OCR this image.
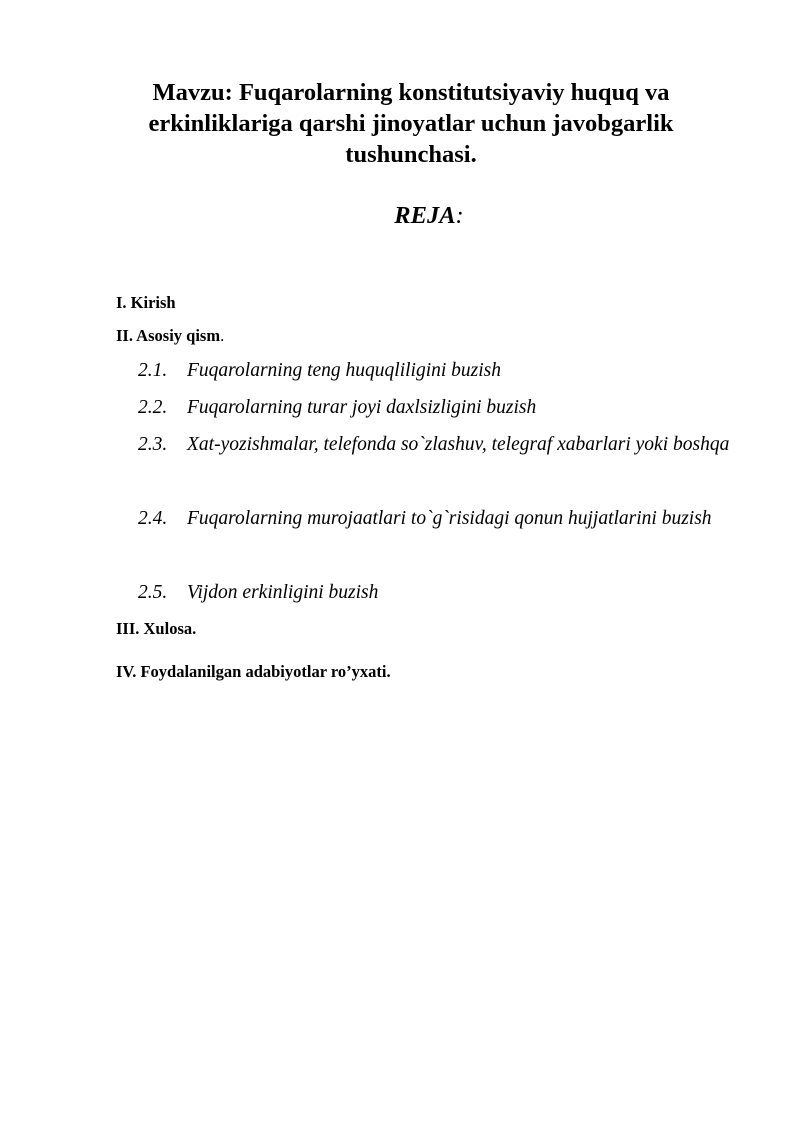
Mavzu: Fuqarolarning konstitutsiyaviy huquq va erkinliklariga qarshi jinoyatlar uchun javobgarlik tushunchasi.
REJA:
I. Kirish
II. Asosiy qism.
2.1.	Fuqarolarning teng huquqliligini buzish
2.2.	Fuqarolarning turar joyi daxlsizligini buzish
2.3.	Xat-yozishmalar, telefonda so`zlashuv, telegraf xabarlari yoki boshqa
2.4.	Fuqarolarning murojaatlari to`g`risidagi qonun hujjatlarini buzish
2.5.	Vijdon erkinligini buzish
III. Xulosa.
IV. Foydalanilgan adabiyotlar ro’yxati.
